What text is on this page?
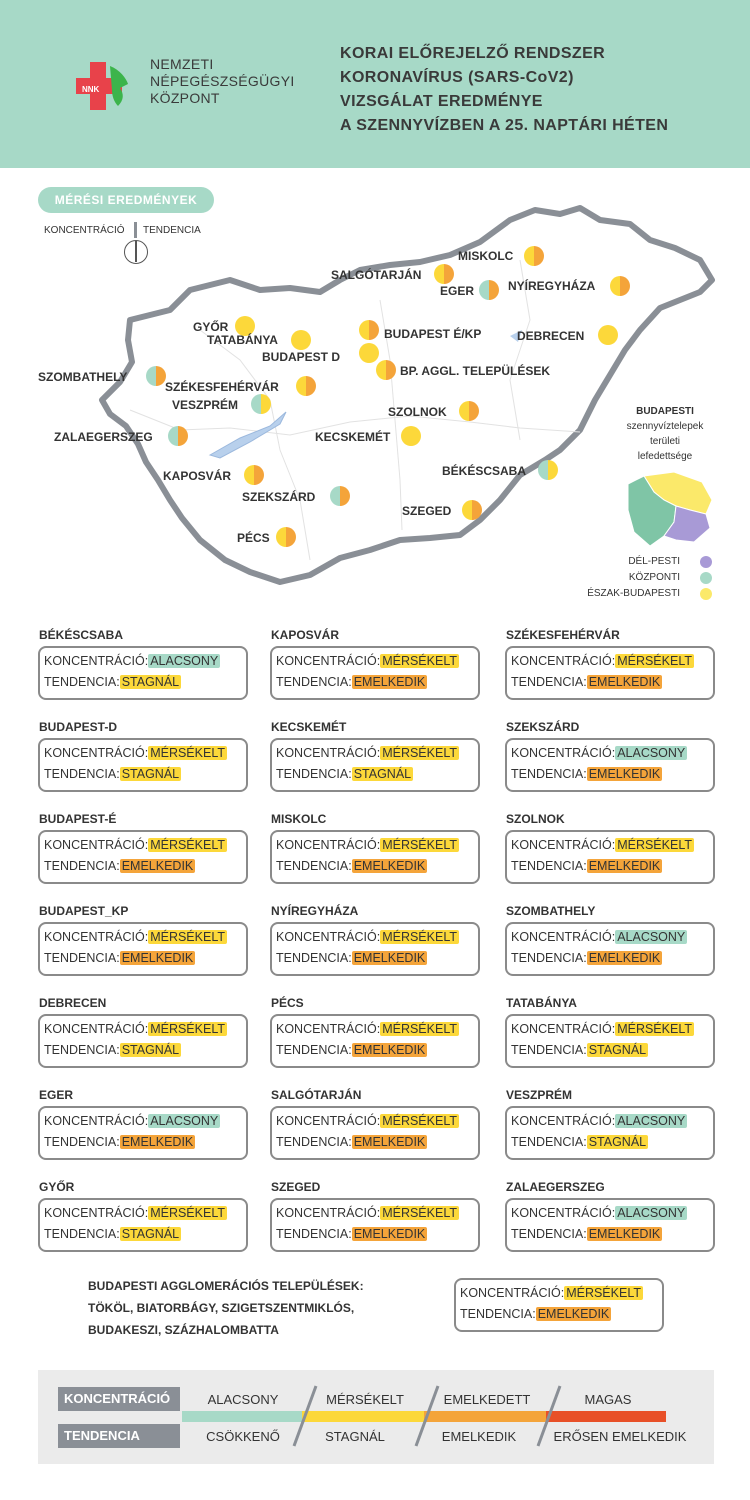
NNK
NEMZETI
NÉPEGÉSZSÉGÜGYI
KÖZPONT
KORAI ELŐREJELZŐ RENDSZER
KORONAVÍRUS (SARS-CoV2)
VIZSGÁLAT EREDMÉNYE
A SZENNYVÍZBEN A 25. NAPTÁRI HÉTEN
MÉRÉSI EREDMÉNYEK
KONCENTRÁCIÓ TENDENCIA
MISKOLC
SALGÓTARJÁN
EGER	NYÍREGYHÁZA
GYŐR
TATABÁNYA	BUDAPEST É/KP
BUDAPEST D
BP. AGGL. TELEPÜLÉSEK
DEBRECEN
SZOMBATHELY
SZÉKESFEHÉRVÁR
VESZPRÉM	SZOLNOK
ZALAEGERSZEG	KECSKEMÉT
BÉKÉSCSABA
KAPOSVÁR
SZEKSZÁRD
SZEGED
PÉCS
BUDAPESTI
szennyvíztelepek
területi
lefedettsége
DÉL-PESTI
KÖZPONTI
ÉSZAK-BUDAPESTI
BÉKÉSCSABA
KONCENTRÁCIÓ: ALACSONY
TENDENCIA: STAGNÁL
KAPOSVÁR
KONCENTRÁCIÓ: MÉRSÉKELT
TENDENCIA: EMELKEDIK
SZÉKESFEHÉRVÁR
KONCENTRÁCIÓ: MÉRSÉKELT
TENDENCIA: EMELKEDIK
BUDAPEST-D
KONCENTRÁCIÓ: MÉRSÉKELT
TENDENCIA: STAGNÁL
KECSKEMÉT
KONCENTRÁCIÓ: MÉRSÉKELT
TENDENCIA: STAGNÁL
SZEKSZÁRD
KONCENTRÁCIÓ: ALACSONY
TENDENCIA: EMELKEDIK
BUDAPEST-É
KONCENTRÁCIÓ: MÉRSÉKELT
TENDENCIA: EMELKEDIK
MISKOLC
KONCENTRÁCIÓ: MÉRSÉKELT
TENDENCIA: EMELKEDIK
SZOLNOK
KONCENTRÁCIÓ: MÉRSÉKELT
TENDENCIA: EMELKEDIK
BUDAPEST_KP
KONCENTRÁCIÓ: MÉRSÉKELT
TENDENCIA: EMELKEDIK
NYÍREGYHÁZA
KONCENTRÁCIÓ: MÉRSÉKELT
TENDENCIA: EMELKEDIK
SZOMBATHELY
KONCENTRÁCIÓ: ALACSONY
TENDENCIA: EMELKEDIK
DEBRECEN
KONCENTRÁCIÓ: MÉRSÉKELT
TENDENCIA: STAGNÁL
PÉCS
KONCENTRÁCIÓ: MÉRSÉKELT
TENDENCIA: EMELKEDIK
TATABÁNYA
KONCENTRÁCIÓ: MÉRSÉKELT
TENDENCIA: STAGNÁL
EGER
KONCENTRÁCIÓ: ALACSONY
TENDENCIA: EMELKEDIK
SALGÓTARJÁN
KONCENTRÁCIÓ: MÉRSÉKELT
TENDENCIA: EMELKEDIK
VESZPRÉM
KONCENTRÁCIÓ: ALACSONY
TENDENCIA: STAGNÁL
GYŐR
KONCENTRÁCIÓ: MÉRSÉKELT
TENDENCIA: STAGNÁL
SZEGED
KONCENTRÁCIÓ: MÉRSÉKELT
TENDENCIA: EMELKEDIK
ZALAEGERSZEG
KONCENTRÁCIÓ: ALACSONY
TENDENCIA: EMELKEDIK
BUDAPESTI AGGLOMERÁCIÓS TELEPÜLÉSEK:
TÖKÖL, BIATORBÁGY, SZIGETSZENTMIKLÓS,
BUDAKESZI, SZÁZHALOMBATTA
KONCENTRÁCIÓ: MÉRSÉKELT
TENDENCIA: EMELKEDIK
KONCENTRÁCIÓ
TENDENCIA
ALACSONY	MÉRSÉKELT	EMELKEDETT	MAGAS
CSÖKKENŐ	STAGNÁL	EMELKEDIK	ERŐSEN EMELKEDIK
